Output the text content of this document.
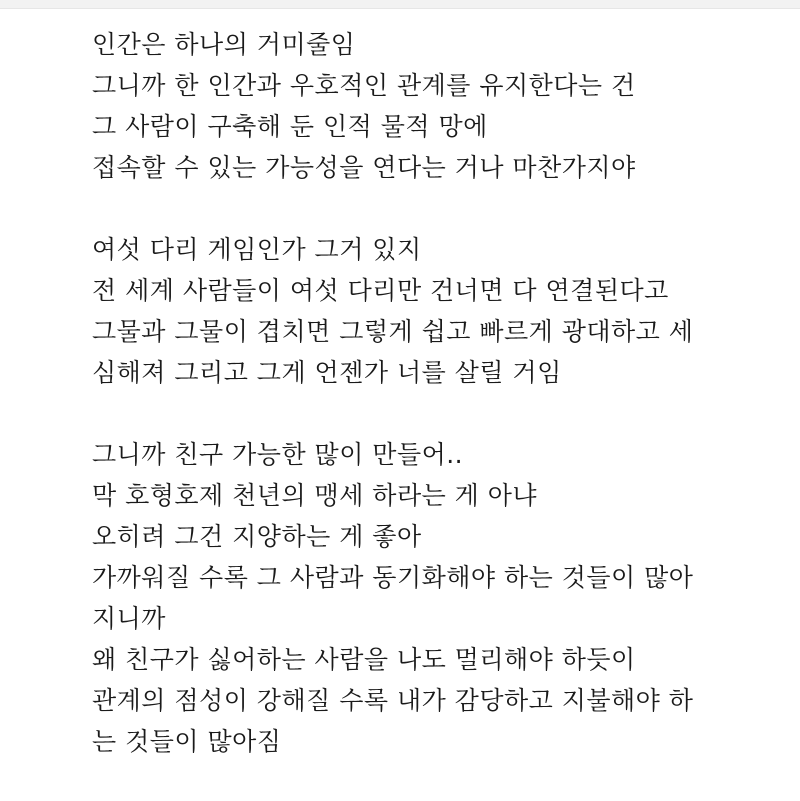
인간은 하나의 거미줄임
그니까 한 인간과 우호적인 관계를 유지한다는 건
그 사람이 구축해 둔 인적 물적 망에
접속할 수 있는 가능성을 연다는 거나 마찬가지야
여섯 다리 게임인가 그거 있지
전 세계 사람들이 여섯 다리만 건너면 다 연결된다고
그물과 그물이 겹치면 그렇게 쉽고 빠르게 광대하고 세
심해져 그리고 그게 언젠가 너를 살릴 거임
그니까 친구 가능한 많이 만들어..
막 호형호제 천년의 맹세 하라는 게 아냐
오히려 그건 지양하는 게 좋아
가까워질 수록 그 사람과 동기화해야 하는 것들이 많아
지니까
왜 친구가 싫어하는 사람을 나도 멀리해야 하듯이
관계의 점성이 강해질 수록 내가 감당하고 지불해야 하
는 것들이 많아짐
